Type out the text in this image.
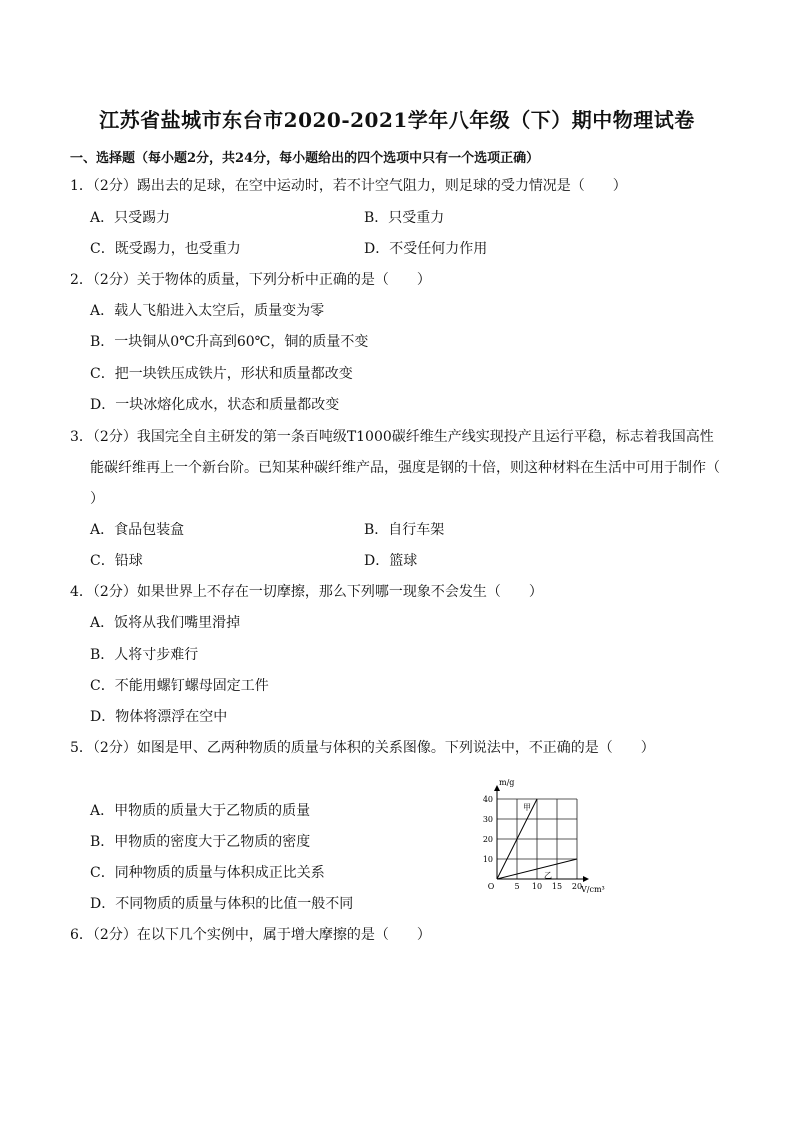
江苏省盐城市东台市2020-2021学年八年级（下）期中物理试卷
一、选择题（每小题2分，共24分，每小题给出的四个选项中只有一个选项正确）
1．（2分）踢出去的足球，在空中运动时，若不计空气阻力，则足球的受力情况是（　　）
A．只受踢力	B．只受重力
C．既受踢力，也受重力	D．不受任何力作用
2．（2分）关于物体的质量，下列分析中正确的是（　　）
A．载人飞船进入太空后，质量变为零
B．一块铜从0℃升高到60℃，铜的质量不变
C．把一块铁压成铁片，形状和质量都改变
D．一块冰熔化成水，状态和质量都改变
3．（2分）我国完全自主研发的第一条百吨级T1000碳纤维生产线实现投产且运行平稳，标志着我国高性
能碳纤维再上一个新台阶。已知某种碳纤维产品，强度是钢的十倍，则这种材料在生活中可用于制作（
）
A．食品包装盒	B．自行车架
C．铅球	D．篮球
4．（2分）如果世界上不存在一切摩擦，那么下列哪一现象不会发生（　　）
A．饭将从我们嘴里滑掉
B．人将寸步难行
C．不能用螺钉螺母固定工件
D．物体将漂浮在空中
5．（2分）如图是甲、乙两种物质的质量与体积的关系图像。下列说法中，不正确的是（　　）
A．甲物质的质量大于乙物质的质量
B．甲物质的密度大于乙物质的密度
C．同种物质的质量与体积成正比关系
D．不同物质的质量与体积的比值一般不同
6．（2分）在以下几个实例中，属于增大摩擦的是（　　）
m/g
V/cm³
O	5 10 15 20
10
20
30
40
甲
乙
